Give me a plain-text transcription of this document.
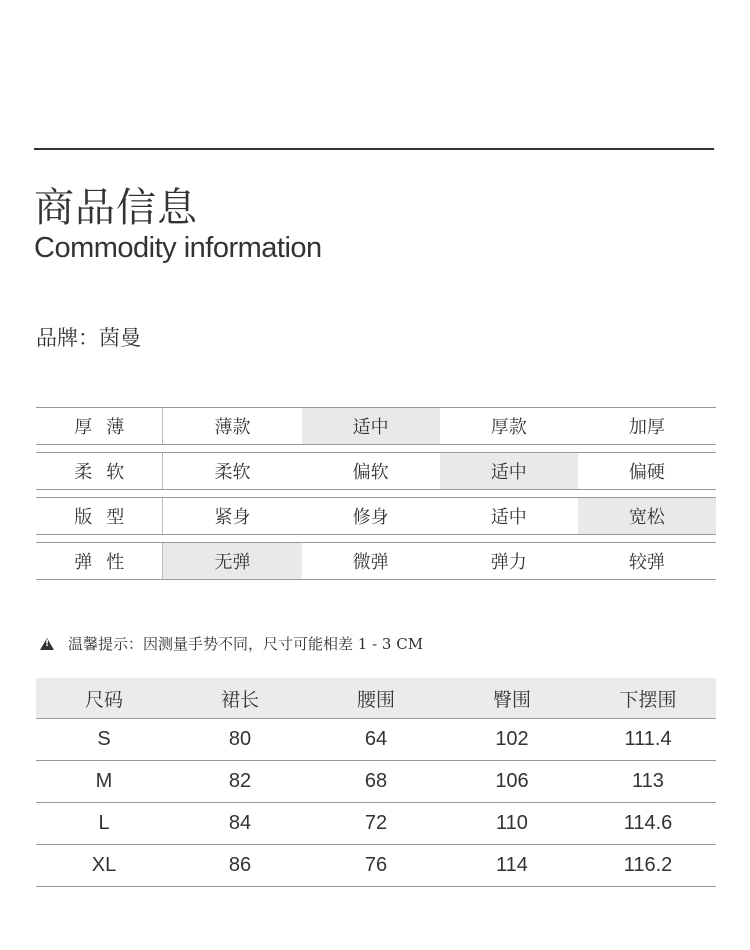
商品信息
Commodity information
品牌：茵曼
厚薄	薄款	适中	厚款	加厚
柔软	柔软	偏软	适中	偏硬
版型	紧身	修身	适中	宽松
弹性	无弹	微弹	弹力	较弹
!
温馨提示：因测量手势不同，尺寸可能相差 1 - 3 CM
尺码	裙长	腰围	臀围	下摆围
S	80	64	102	111.4
M	82	68	106	113
L	84	72	110	114.6
XL	86	76	114	116.2
